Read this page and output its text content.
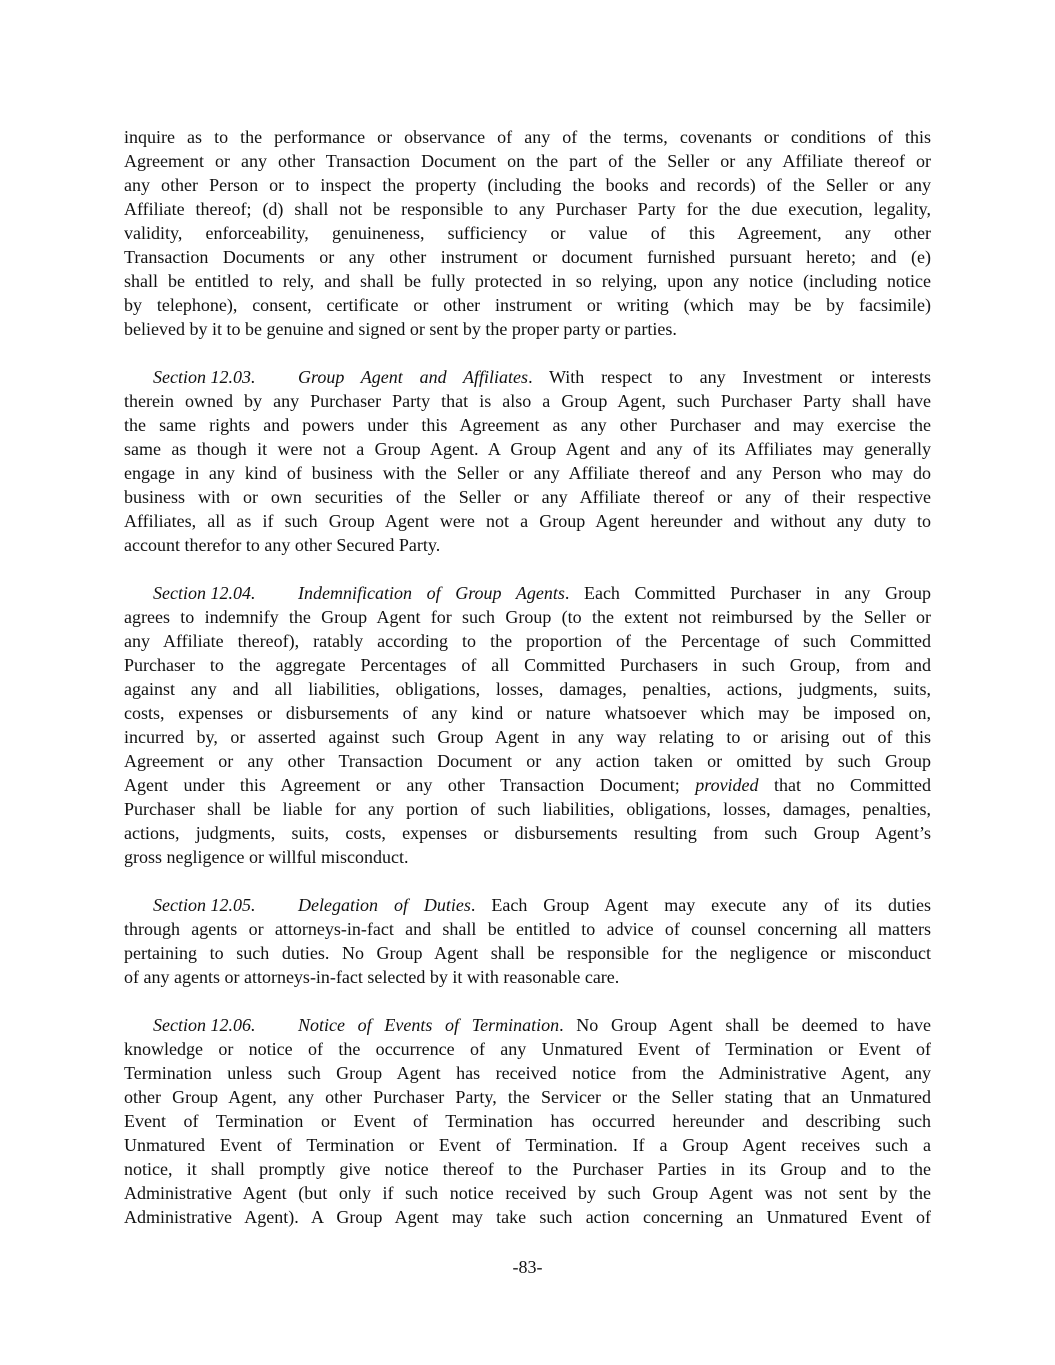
inquire as to the performance or observance of any of the terms, covenants or conditions of this
Agreement or any other Transaction Document on the part of the Seller or any Affiliate thereof or
any other Person or to inspect the property (including the books and records) of the Seller or any
Affiliate thereof; (d) shall not be responsible to any Purchaser Party for the due execution, legality,
validity, enforceability, genuineness, sufficiency or value of this Agreement, any other
Transaction Documents or any other instrument or document furnished pursuant hereto; and (e)
shall be entitled to rely, and shall be fully protected in so relying, upon any notice (including notice
by telephone), consent, certificate or other instrument or writing (which may be by facsimile)
believed by it to be genuine and signed or sent by the proper party or parties.
Section 12.03. Group Agent and Affiliates. With respect to any Investment or interests
therein owned by any Purchaser Party that is also a Group Agent, such Purchaser Party shall have
the same rights and powers under this Agreement as any other Purchaser and may exercise the
same as though it were not a Group Agent. A Group Agent and any of its Affiliates may generally
engage in any kind of business with the Seller or any Affiliate thereof and any Person who may do
business with or own securities of the Seller or any Affiliate thereof or any of their respective
Affiliates, all as if such Group Agent were not a Group Agent hereunder and without any duty to
account therefor to any other Secured Party.
Section 12.04. Indemnification of Group Agents. Each Committed Purchaser in any Group
agrees to indemnify the Group Agent for such Group (to the extent not reimbursed by the Seller or
any Affiliate thereof), ratably according to the proportion of the Percentage of such Committed
Purchaser to the aggregate Percentages of all Committed Purchasers in such Group, from and
against any and all liabilities, obligations, losses, damages, penalties, actions, judgments, suits,
costs, expenses or disbursements of any kind or nature whatsoever which may be imposed on,
incurred by, or asserted against such Group Agent in any way relating to or arising out of this
Agreement or any other Transaction Document or any action taken or omitted by such Group
Agent under this Agreement or any other Transaction Document; provided that no Committed
Purchaser shall be liable for any portion of such liabilities, obligations, losses, damages, penalties,
actions, judgments, suits, costs, expenses or disbursements resulting from such Group Agent’s
gross negligence or willful misconduct.
Section 12.05. Delegation of Duties. Each Group Agent may execute any of its duties
through agents or attorneys-in-fact and shall be entitled to advice of counsel concerning all matters
pertaining to such duties. No Group Agent shall be responsible for the negligence or misconduct
of any agents or attorneys-in-fact selected by it with reasonable care.
Section 12.06. Notice of Events of Termination. No Group Agent shall be deemed to have
knowledge or notice of the occurrence of any Unmatured Event of Termination or Event of
Termination unless such Group Agent has received notice from the Administrative Agent, any
other Group Agent, any other Purchaser Party, the Servicer or the Seller stating that an Unmatured
Event of Termination or Event of Termination has occurred hereunder and describing such
Unmatured Event of Termination or Event of Termination. If a Group Agent receives such a
notice, it shall promptly give notice thereof to the Purchaser Parties in its Group and to the
Administrative Agent (but only if such notice received by such Group Agent was not sent by the
Administrative Agent). A Group Agent may take such action concerning an Unmatured Event of
-83-
